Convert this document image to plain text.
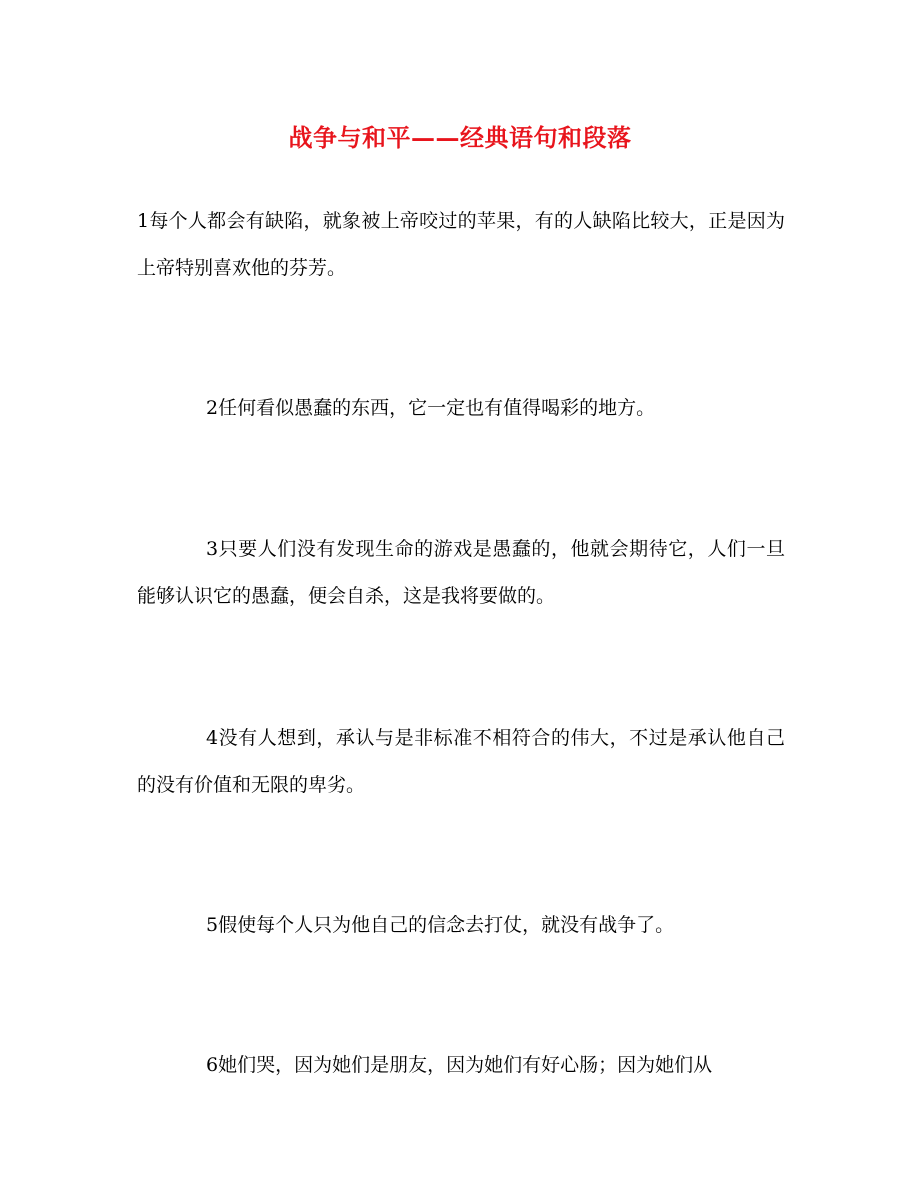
战争与和平——经典语句和段落
1每个人都会有缺陷，就象被上帝咬过的苹果，有的人缺陷比较大，正是因为上帝特别喜欢他的芬芳。
2任何看似愚蠢的东西，它一定也有值得喝彩的地方。
3只要人们没有发现生命的游戏是愚蠢的，他就会期待它，人们一旦能够认识它的愚蠢，便会自杀，这是我将要做的。
4没有人想到，承认与是非标准不相符合的伟大，不过是承认他自己的没有价值和无限的卑劣。
5假使每个人只为他自己的信念去打仗，就没有战争了。
6她们哭，因为她们是朋友，因为她们有好心肠；因为她们从
